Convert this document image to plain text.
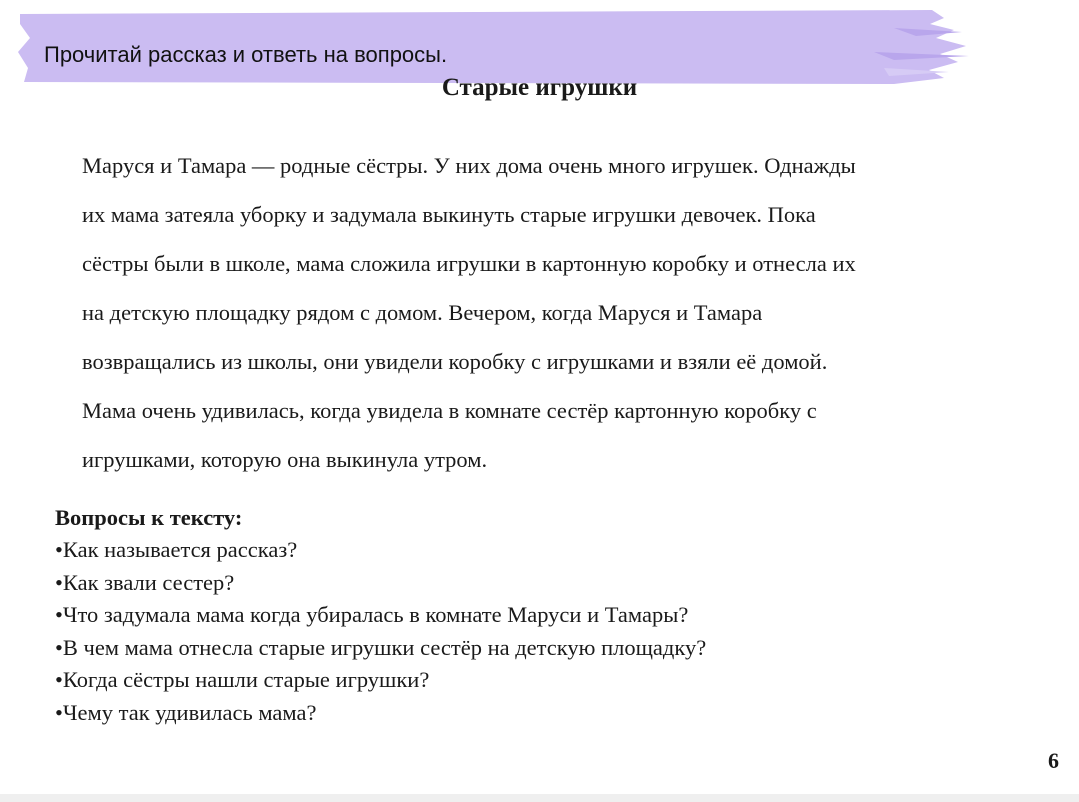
Прочитай рассказ и ответь на вопросы.
Старые игрушки
Маруся и Тамара — родные сёстры. У них дома очень много игрушек. Однажды
их мама затеяла уборку и задумала выкинуть старые игрушки девочек. Пока
сёстры были в школе, мама сложила игрушки в картонную коробку и отнесла их
на детскую площадку рядом с домом. Вечером, когда Маруся и Тамара
возвращались из школы, они увидели коробку с игрушками и взяли её домой.
Мама очень удивилась, когда увидела в комнате сестёр картонную коробку с
игрушками, которую она выкинула утром.
Вопросы к тексту:
•Как называется рассказ?
•Как звали сестер?
•Что задумала мама когда убиралась в комнате Маруси и Тамары?
•В чем мама отнесла старые игрушки сестёр на детскую площадку?
•Когда сёстры нашли старые игрушки?
•Чему так удивилась мама?
6
